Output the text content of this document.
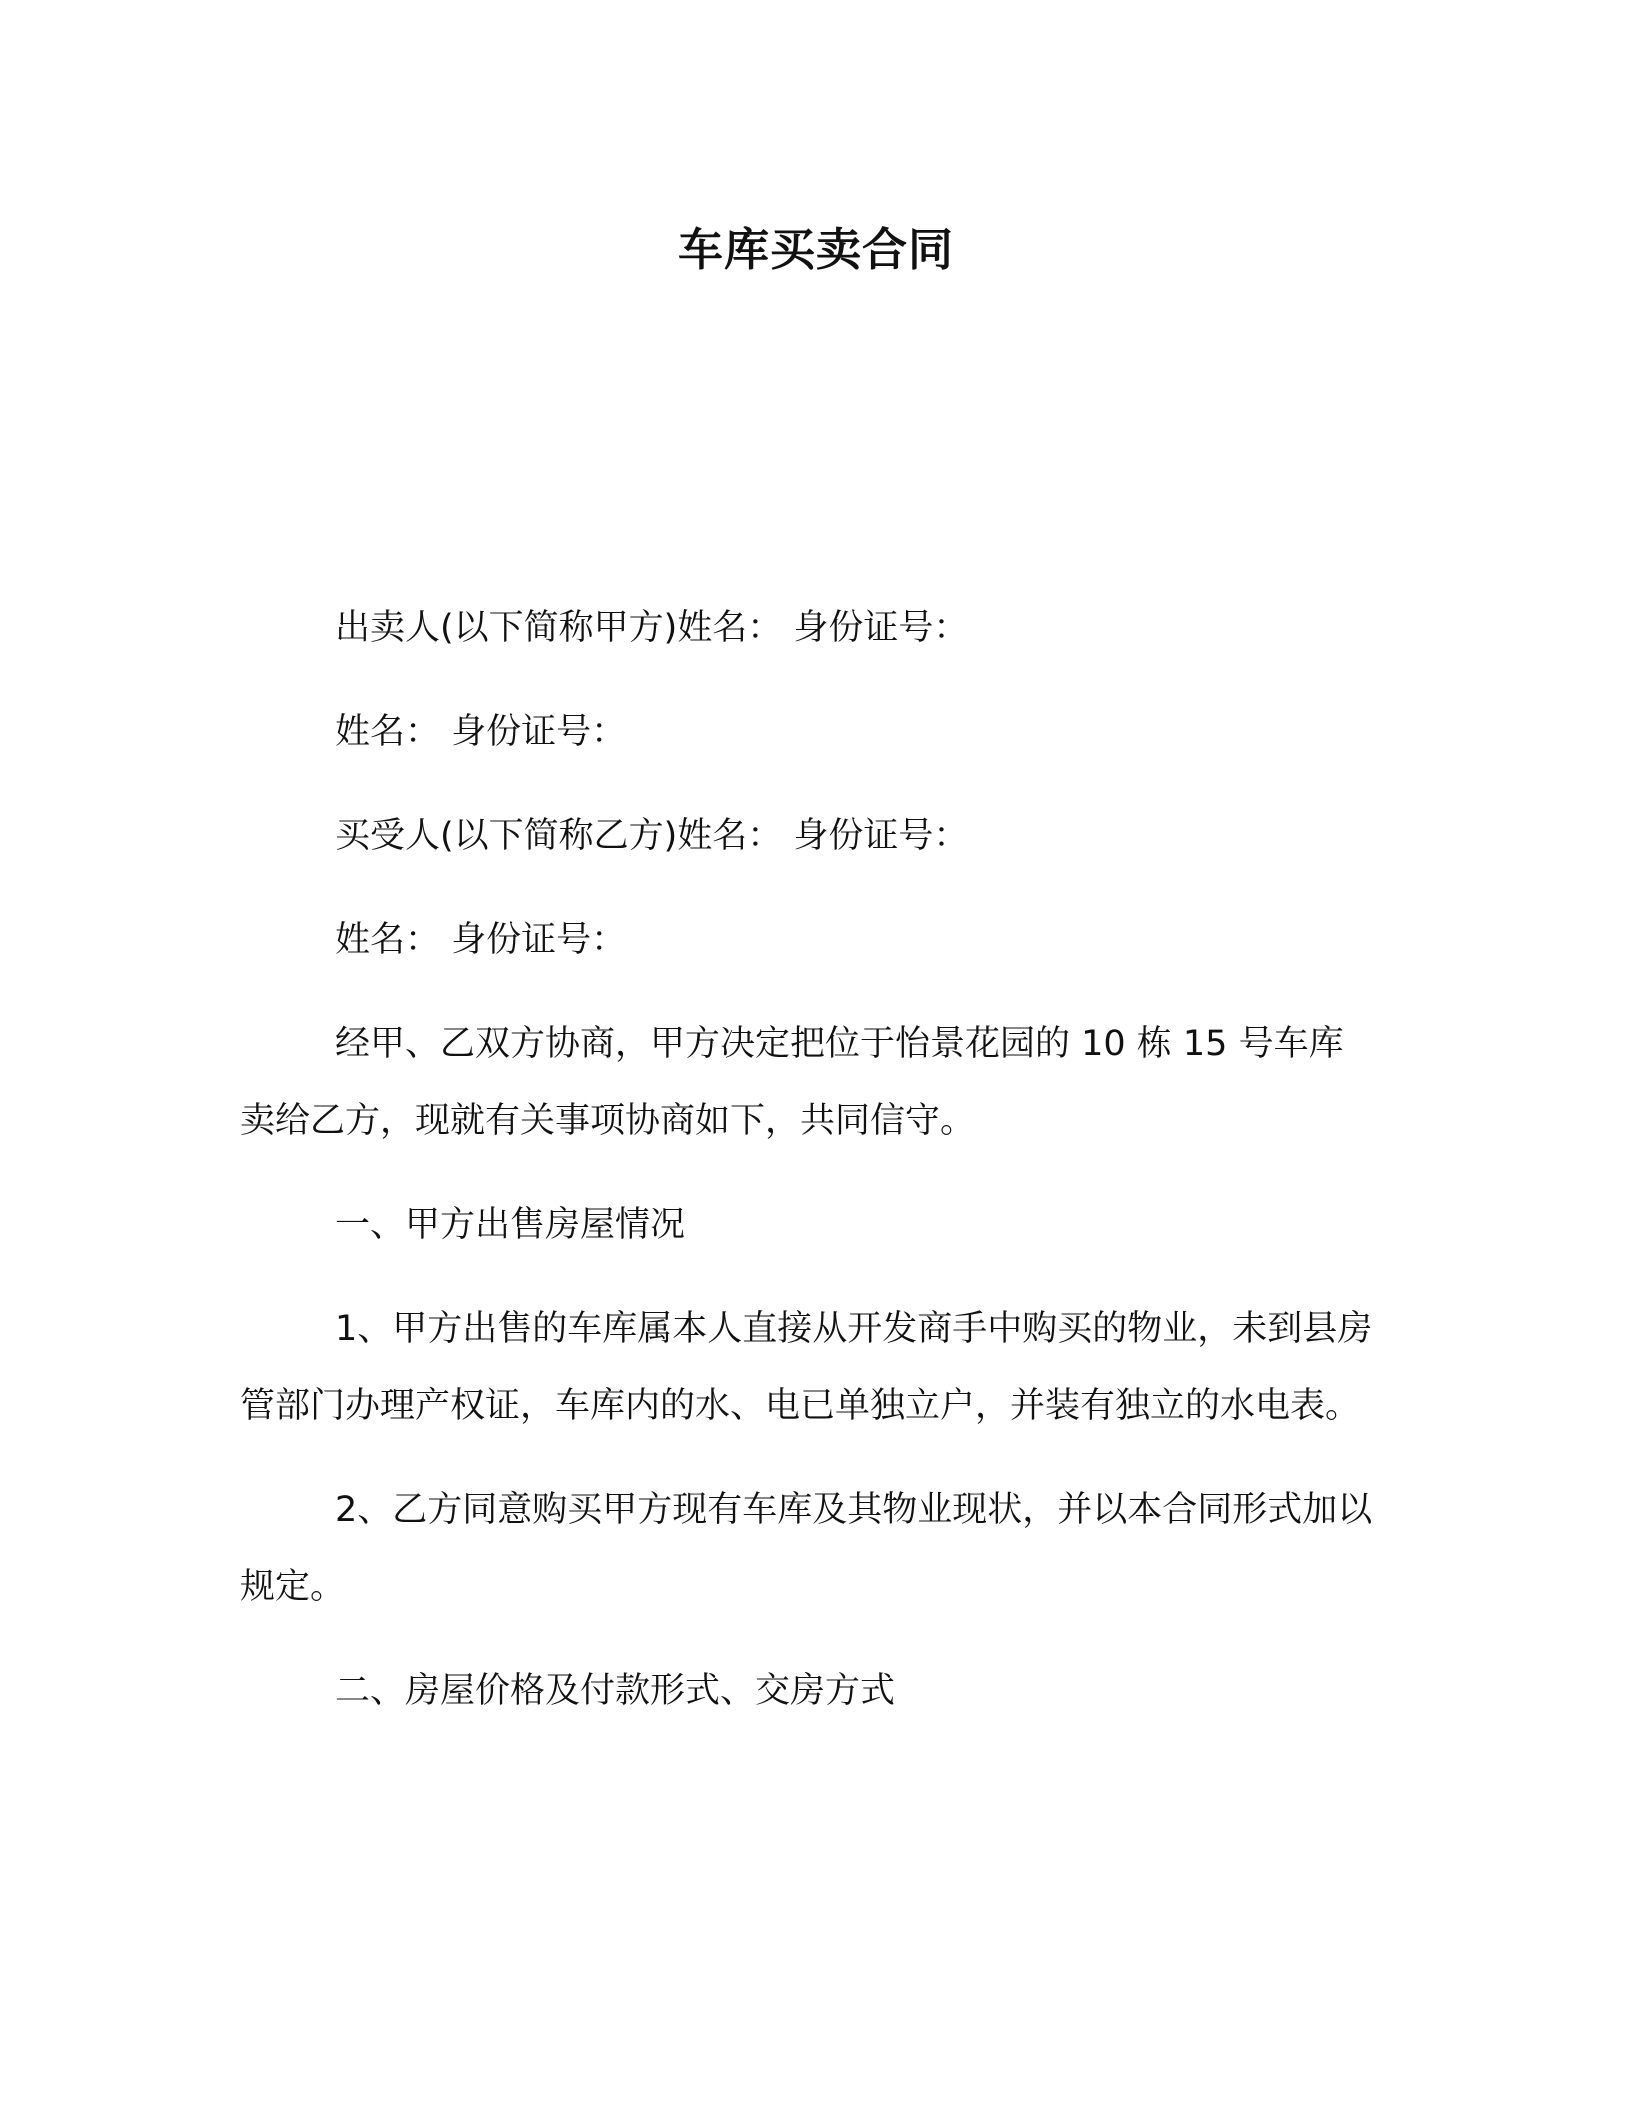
车库买卖合同

出卖人(以下简称甲方)姓名： 身份证号：

姓名： 身份证号：

买受人(以下简称乙方)姓名： 身份证号：

姓名： 身份证号：

经甲、乙双方协商，甲方决定把位于怡景花园的 10 栋 15 号车库卖给乙方，现就有关事项协商如下，共同信守。

一、甲方出售房屋情况

1、甲方出售的车库属本人直接从开发商手中购买的物业，未到县房管部门办理产权证，车库内的水、电已单独立户，并装有独立的水电表。

2、乙方同意购买甲方现有车库及其物业现状，并以本合同形式加以规定。

二、房屋价格及付款形式、交房方式
